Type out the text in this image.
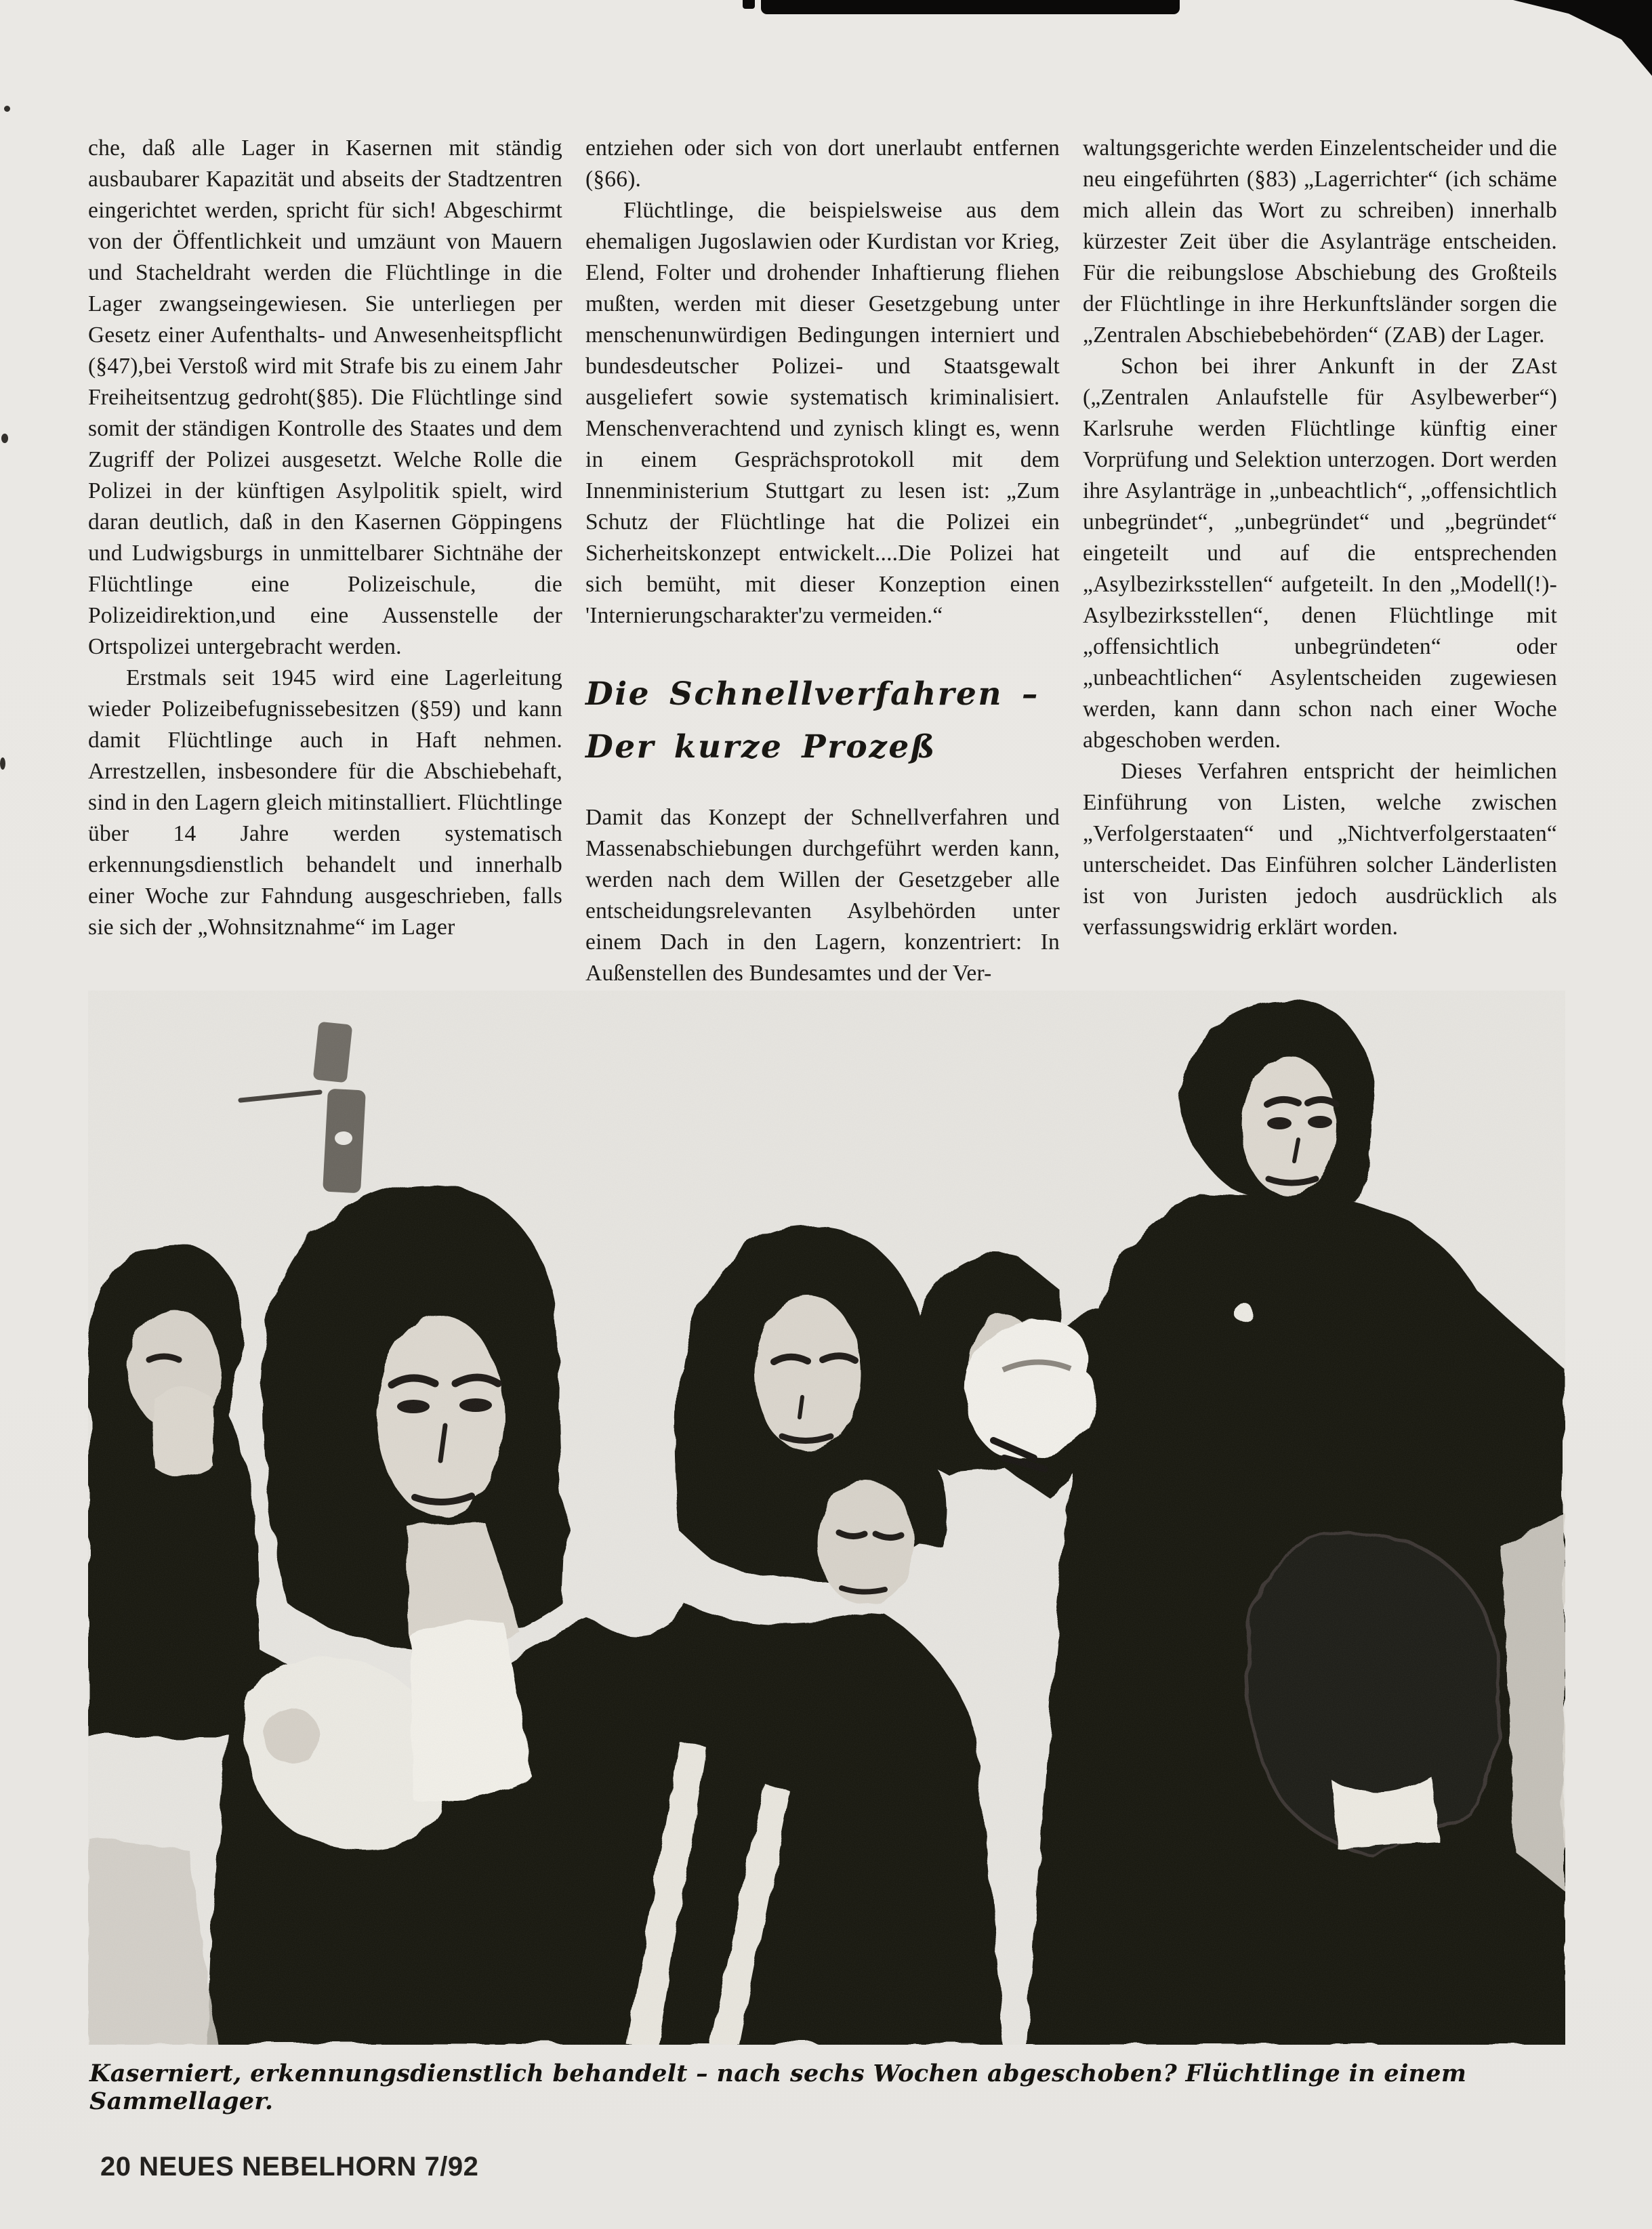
che, daß alle Lager in Kasernen mit ständig ausbaubarer Kapazität und abseits der Stadtzentren eingerichtet werden, spricht für sich! Abgeschirmt von der Öffentlichkeit und umzäunt von Mauern und Stacheldraht werden die Flüchtlinge in die Lager zwangseingewiesen. Sie unterliegen per Gesetz einer Aufenthalts- und Anwesenheitspflicht (§47),bei Verstoß wird mit Strafe bis zu einem Jahr Freiheitsentzug gedroht(§85). Die Flüchtlinge sind somit der ständigen Kontrolle des Staates und dem Zugriff der Polizei ausgesetzt. Welche Rolle die Polizei in der künftigen Asylpolitik spielt, wird daran deutlich, daß in den Kasernen Göppingens und Ludwigsburgs in unmittelbarer Sichtnähe der Flüchtlinge eine Polizeischule, die Polizeidirektion,und eine Aussenstelle der Ortspolizei untergebracht werden.

Erstmals seit 1945 wird eine Lagerleitung wieder Polizeibefugnissebesitzen (§59) und kann damit Flüchtlinge auch in Haft nehmen. Arrestzellen, insbesondere für die Abschiebehaft, sind in den Lagern gleich mitinstalliert. Flüchtlinge über 14 Jahre werden systematisch erkennungsdienstlich behandelt und innerhalb einer Woche zur Fahndung ausgeschrieben, falls sie sich der „Wohnsitznahme“ im Lager

entziehen oder sich von dort unerlaubt entfernen (§66).

Flüchtlinge, die beispielsweise aus dem ehemaligen Jugoslawien oder Kurdistan vor Krieg, Elend, Folter und drohender Inhaftierung fliehen mußten, werden mit dieser Gesetzgebung unter menschenunwürdigen Bedingungen interniert und bundesdeutscher Polizei- und Staatsgewalt ausgeliefert sowie systematisch kriminalisiert. Menschenverachtend und zynisch klingt es, wenn in einem Gesprächsprotokoll mit dem Innenministerium Stuttgart zu lesen ist: „Zum Schutz der Flüchtlinge hat die Polizei ein Sicherheitskonzept entwickelt....Die Polizei hat sich bemüht, mit dieser Konzeption einen 'Internierungscharakter'zu vermeiden.“

Die Schnellverfahren –
Der kurze Prozeß

Damit das Konzept der Schnellverfahren und Massenabschiebungen durchgeführt werden kann, werden nach dem Willen der Gesetzgeber alle entscheidungsrelevanten Asylbehörden unter einem Dach in den Lagern, konzentriert: In Außenstellen des Bundesamtes und der Ver-

waltungsgerichte werden Einzelentscheider und die neu eingeführten (§83) „Lagerrichter“ (ich schäme mich allein das Wort zu schreiben) innerhalb kürzester Zeit über die Asylanträge entscheiden. Für die reibungslose Abschiebung des Großteils der Flüchtlinge in ihre Herkunftsländer sorgen die „Zentralen Abschiebebehörden“ (ZAB) der Lager.

Schon bei ihrer Ankunft in der ZAst („Zentralen Anlaufstelle für Asylbewerber“) Karlsruhe werden Flüchtlinge künftig einer Vorprüfung und Selektion unterzogen. Dort werden ihre Asylanträge in „unbeachtlich“, „offensichtlich unbegründet“, „unbegründet“ und „begründet“ eingeteilt und auf die entsprechenden „Asylbezirksstellen“ aufgeteilt. In den „Modell(!)-Asylbezirksstellen“, denen Flüchtlinge mit „offensichtlich unbegründeten“ oder „unbeachtlichen“ Asylentscheiden zugewiesen werden, kann dann schon nach einer Woche abgeschoben werden.

Dieses Verfahren entspricht der heimlichen Einführung von Listen, welche zwischen „Verfolgerstaaten“ und „Nichtverfolgerstaaten“ unterscheidet. Das Einführen solcher Länderlisten ist von Juristen jedoch ausdrücklich als verfassungswidrig erklärt worden.

Kaserniert, erkennungsdienstlich behandelt – nach sechs Wochen abgeschoben? Flüchtlinge in einem Sammellager.
20 NEUES NEBELHORN 7/92
